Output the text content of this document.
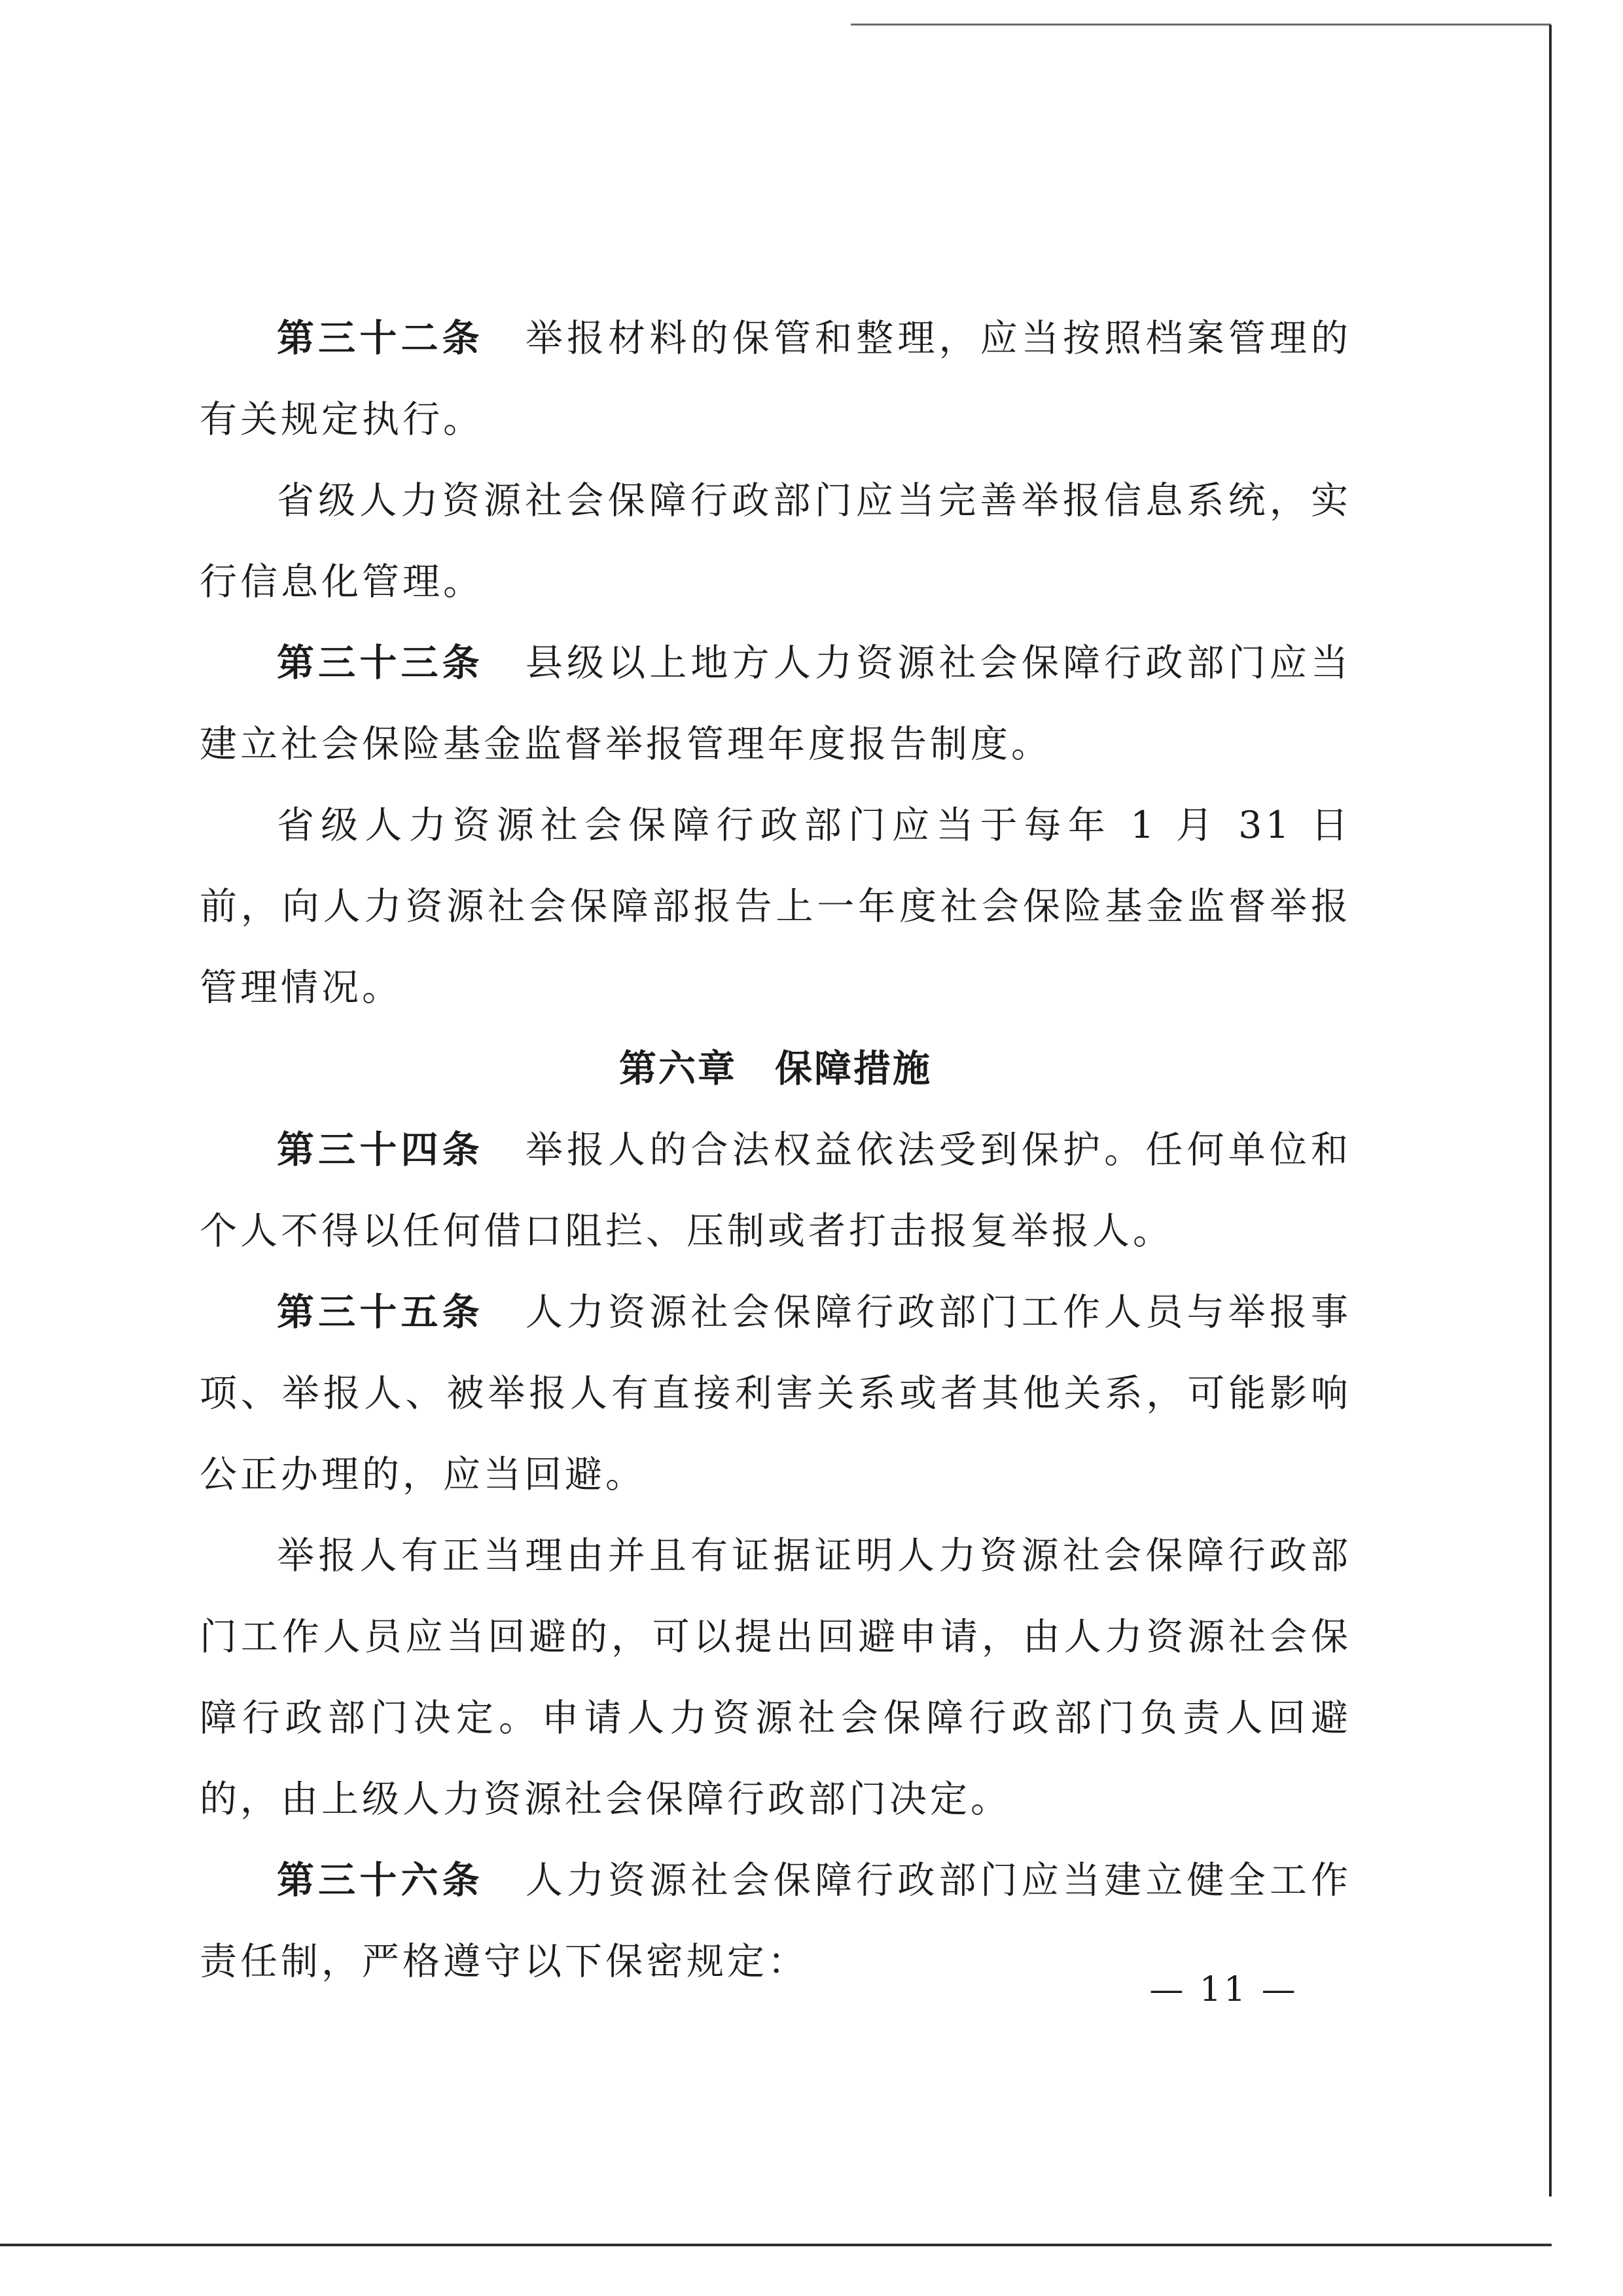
第三十二条 举报材料的保管和整理，应当按照档案管理的有关规定执行。

省级人力资源社会保障行政部门应当完善举报信息系统，实行信息化管理。

第三十三条 县级以上地方人力资源社会保障行政部门应当建立社会保险基金监督举报管理年度报告制度。

省级人力资源社会保障行政部门应当于每年 1 月 31 日前，向人力资源社会保障部报告上一年度社会保险基金监督举报管理情况。

第六章 保障措施

第三十四条 举报人的合法权益依法受到保护。任何单位和个人不得以任何借口阻拦、压制或者打击报复举报人。

第三十五条 人力资源社会保障行政部门工作人员与举报事项、举报人、被举报人有直接利害关系或者其他关系，可能影响公正办理的，应当回避。

举报人有正当理由并且有证据证明人力资源社会保障行政部门工作人员应当回避的，可以提出回避申请，由人力资源社会保障行政部门决定。申请人力资源社会保障行政部门负责人回避的，由上级人力资源社会保障行政部门决定。

第三十六条 人力资源社会保障行政部门应当建立健全工作责任制，严格遵守以下保密规定：

— 11 —
